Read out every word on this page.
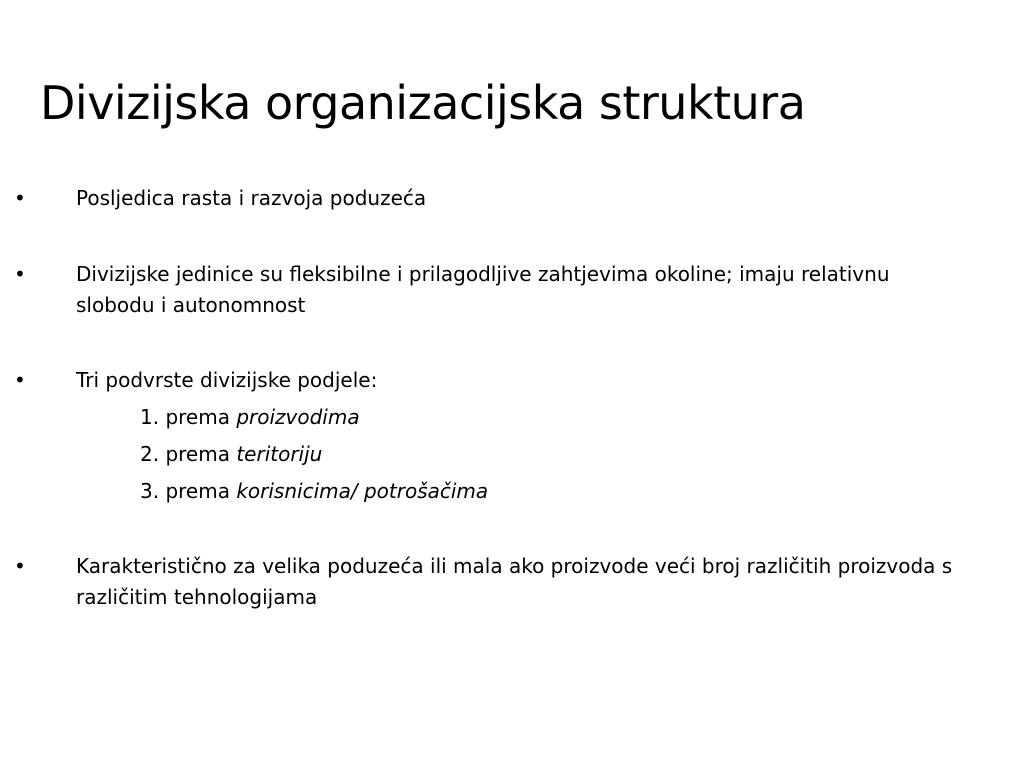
Divizijska organizacijska struktura
•	Posljedica rasta i razvoja poduzeća
•	Divizijske jedinice su fleksibilne i prilagodljive zahtjevima okoline; imaju relativnu slobodu i autonomnost
•	Tri podvrste divizijske podjele:
1. prema proizvodima
2. prema teritoriju
3. prema korisnicima/ potrošačima
•	Karakteristično za velika poduzeća ili mala ako proizvode veći broj različitih proizvoda s različitim tehnologijama
